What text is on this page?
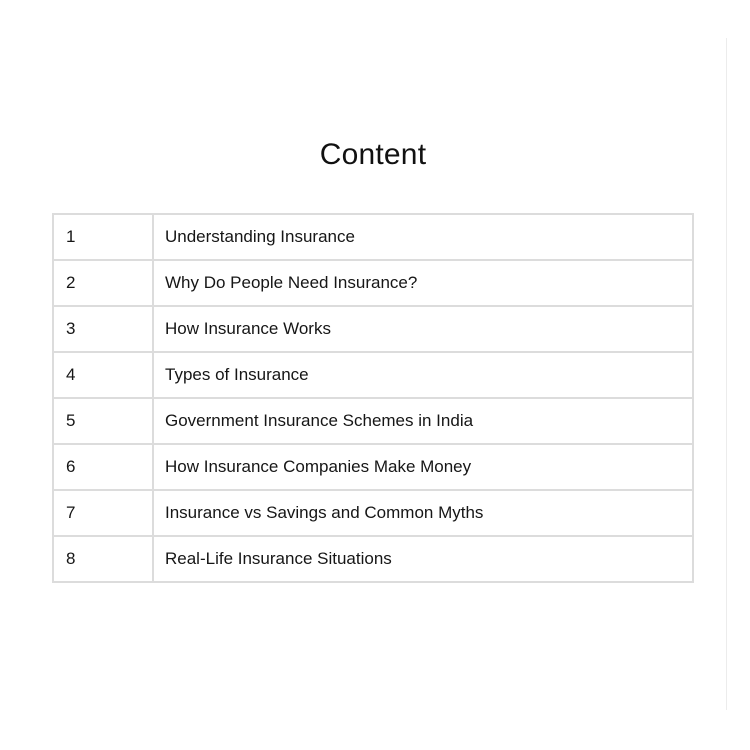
Content
1	Understanding Insurance
2	Why Do People Need Insurance?
3	How Insurance Works
4	Types of Insurance
5	Government Insurance Schemes in India
6	How Insurance Companies Make Money
7	Insurance vs Savings and Common Myths
8	Real-Life Insurance Situations
